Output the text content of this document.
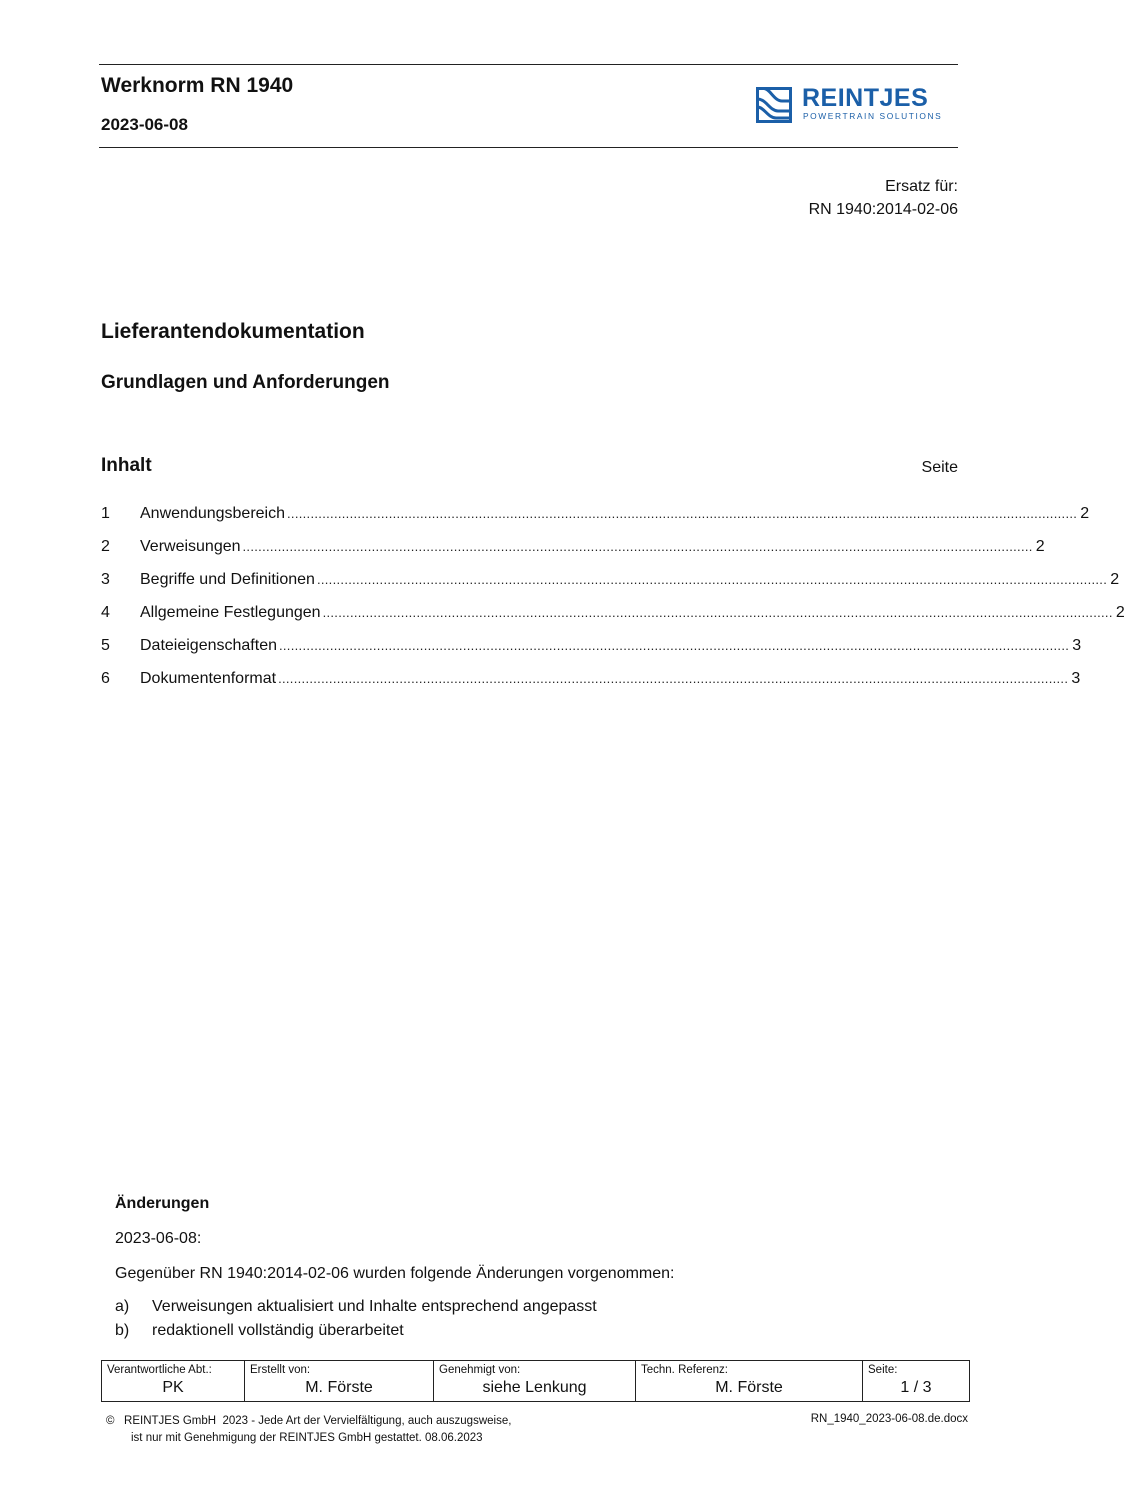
Werknorm RN 1940
2023-06-08
REINTJES
POWERTRAIN SOLUTIONS
Ersatz für:
RN 1940:2014-02-06
Lieferantendokumentation
Grundlagen und Anforderungen
Inhalt	Seite
1	Anwendungsbereich .......................................................................................................................................................................................................... 2
2	Verweisungen .......................................................................................................................................................................................................... 2
3	Begriffe und Definitionen .......................................................................................................................................................................................................... 2
4	Allgemeine Festlegungen .......................................................................................................................................................................................................... 2
5	Dateieigenschaften .......................................................................................................................................................................................................... 3
6	Dokumentenformat .......................................................................................................................................................................................................... 3
Änderungen
2023-06-08:
Gegenüber RN 1940:2014-02-06 wurden folgende Änderungen vorgenommen:
a)	Verweisungen aktualisiert und Inhalte entsprechend angepasst
b)	redaktionell vollständig überarbeitet
Verantwortliche Abt.:
PK

Erstellt von:
M. Förste

Genehmigt von:
siehe Lenkung

Techn. Referenz:
M. Förste

Seite:
1 / 3
©   REINTJES GmbH  2023 - Jede Art der Vervielfältigung, auch auszugsweise,
ist nur mit Genehmigung der REINTJES GmbH gestattet. 08.06.2023
RN_1940_2023-06-08.de.docx
